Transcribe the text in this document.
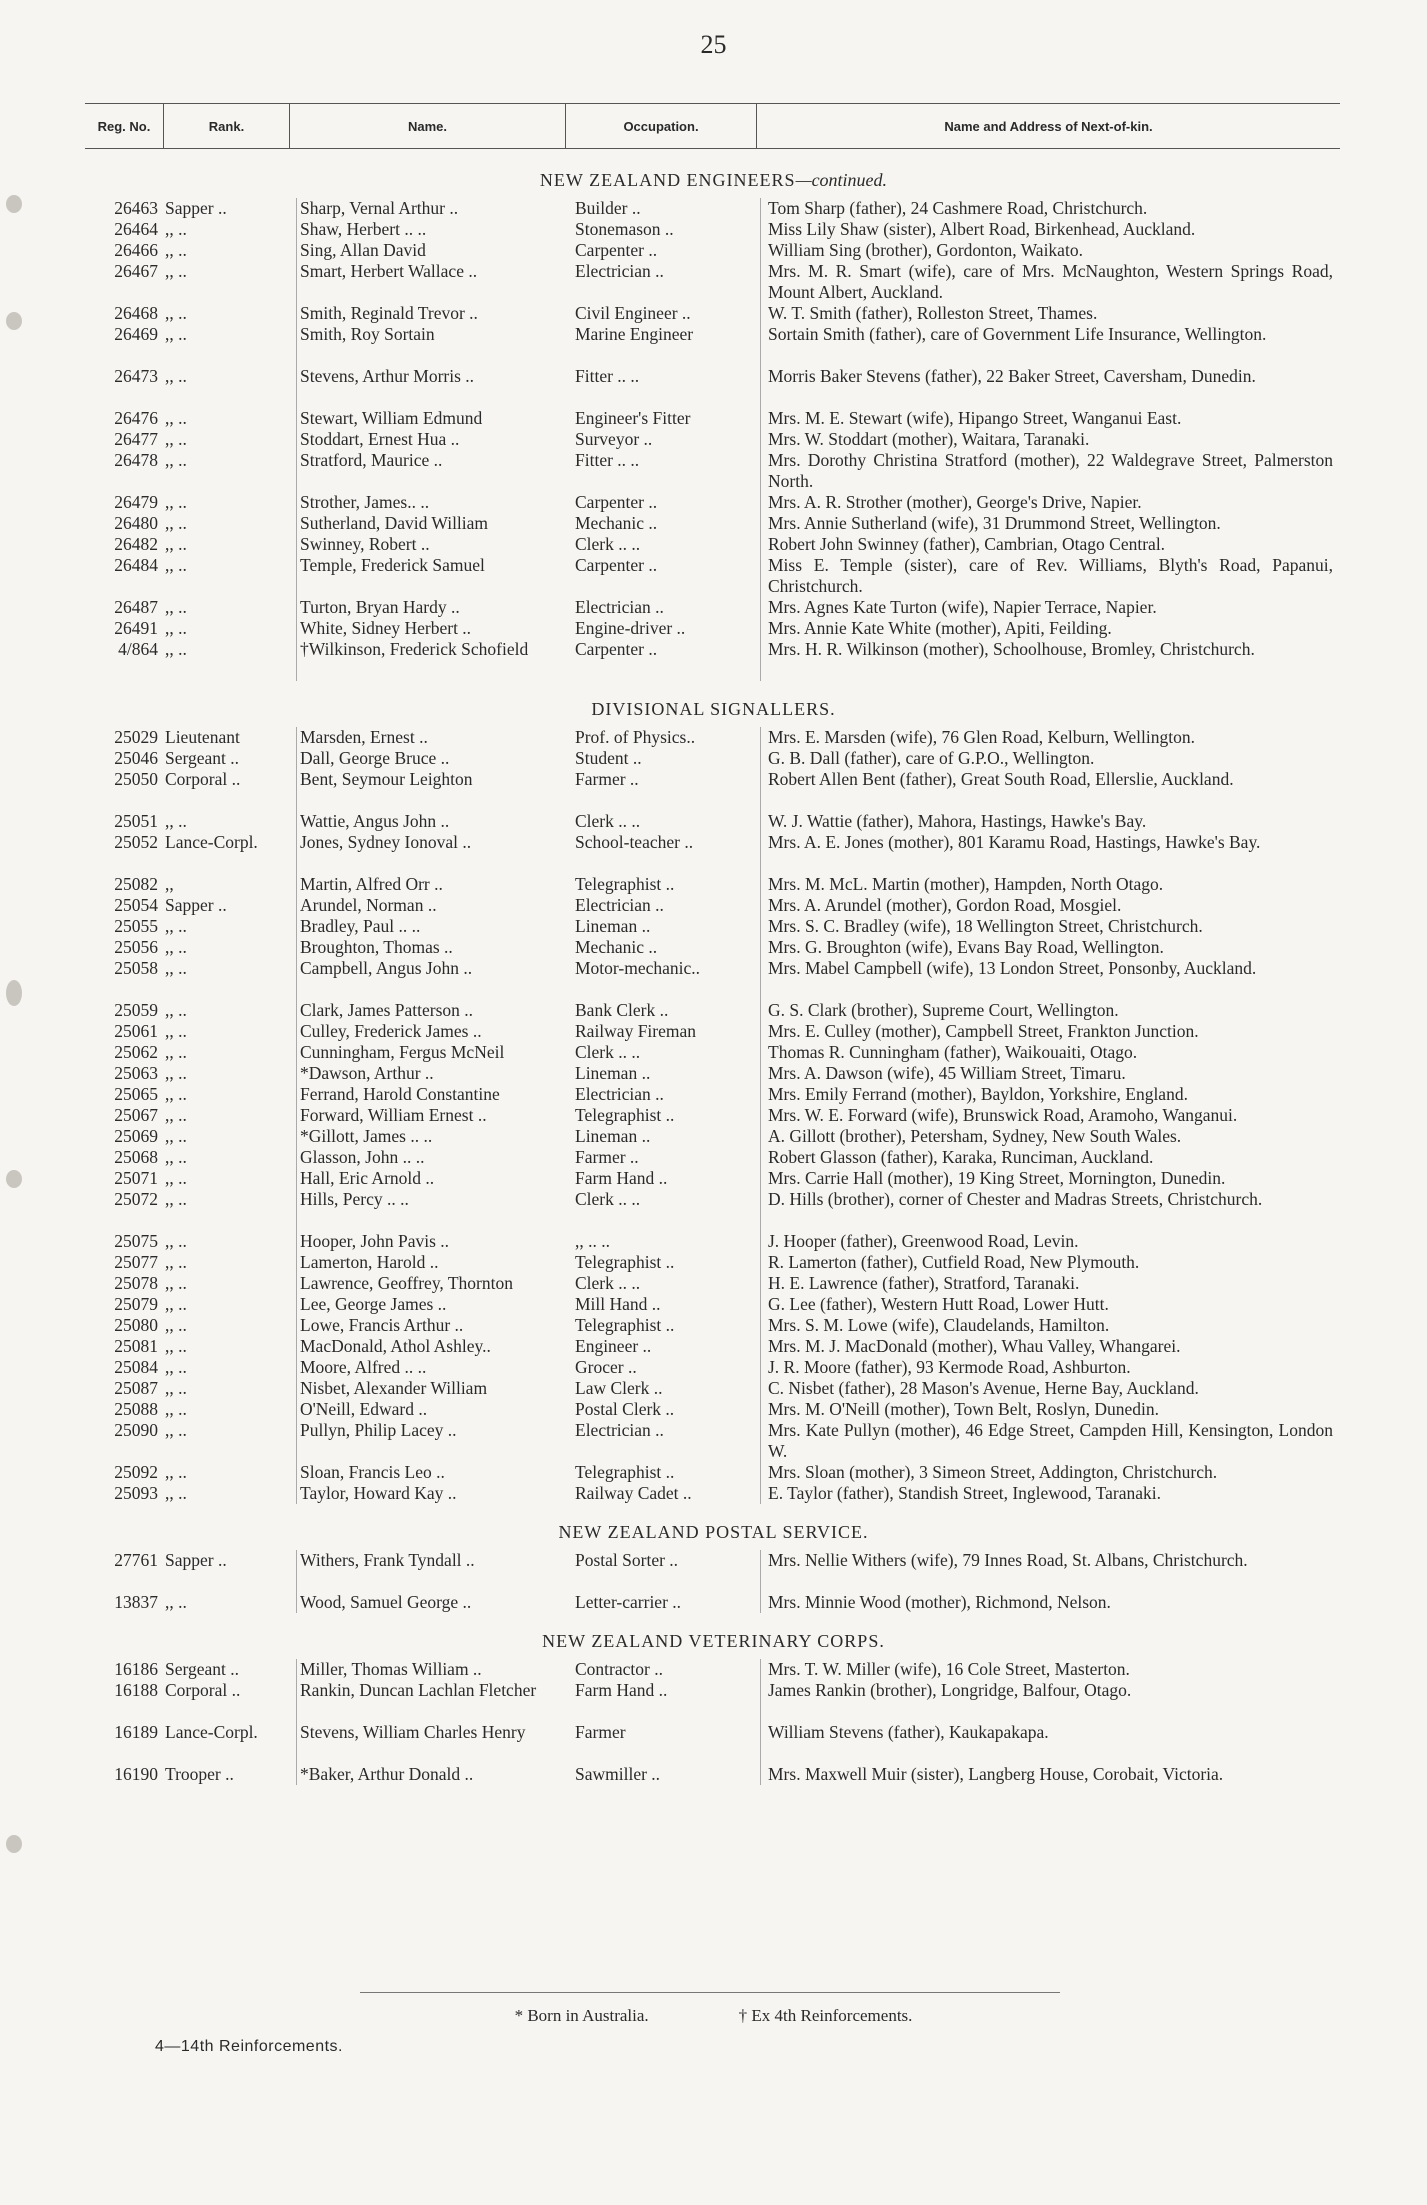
25
Reg. No.	Rank.	Name.	Occupation.	Name and Address of Next-of-kin.
NEW ZEALAND ENGINEERS—continued.
26463 Sapper ..	Sharp, Vernal Arthur ..	Builder ..	Tom Sharp (father), 24 Cashmere Road, Christchurch.
26464 ,, ..	Shaw, Herbert .. ..	Stonemason ..	Miss Lily Shaw (sister), Albert Road, Birkenhead, Auckland.
26466 ,, ..	Sing, Allan David	Carpenter ..	William Sing (brother), Gordonton, Waikato.
26467 ,, ..	Smart, Herbert Wallace ..	Electrician ..	Mrs. M. R. Smart (wife), care of Mrs. McNaughton, Western Springs Road, Mount Albert, Auckland.
26468 ,, ..	Smith, Reginald Trevor ..	Civil Engineer ..	W. T. Smith (father), Rolleston Street, Thames.
26469 ,, ..	Smith, Roy Sortain	Marine Engineer	Sortain Smith (father), care of Government Life Insurance, Wellington.
26473 ,, ..	Stevens, Arthur Morris ..	Fitter .. ..	Morris Baker Stevens (father), 22 Baker Street, Caversham, Dunedin.
26476 ,, ..	Stewart, William Edmund	Engineer's Fitter	Mrs. M. E. Stewart (wife), Hipango Street, Wanganui East.
26477 ,, ..	Stoddart, Ernest Hua ..	Surveyor ..	Mrs. W. Stoddart (mother), Waitara, Taranaki.
26478 ,, ..	Stratford, Maurice ..	Fitter .. ..	Mrs. Dorothy Christina Stratford (mother), 22 Waldegrave Street, Palmerston North.
26479 ,, ..	Strother, James.. ..	Carpenter ..	Mrs. A. R. Strother (mother), George's Drive, Napier.
26480 ,, ..	Sutherland, David William	Mechanic ..	Mrs. Annie Sutherland (wife), 31 Drummond Street, Wellington.
26482 ,, ..	Swinney, Robert ..	Clerk .. ..	Robert John Swinney (father), Cambrian, Otago Central.
26484 ,, ..	Temple, Frederick Samuel	Carpenter ..	Miss E. Temple (sister), care of Rev. Williams, Blyth's Road, Papanui, Christchurch.
26487 ,, ..	Turton, Bryan Hardy ..	Electrician ..	Mrs. Agnes Kate Turton (wife), Napier Terrace, Napier.
26491 ,, ..	White, Sidney Herbert ..	Engine-driver ..	Mrs. Annie Kate White (mother), Apiti, Feilding.
4/864 ,, ..	†Wilkinson, Frederick Schofield	Carpenter ..	Mrs. H. R. Wilkinson (mother), Schoolhouse, Bromley, Christchurch.
DIVISIONAL SIGNALLERS.
25029 Lieutenant	Marsden, Ernest ..	Prof. of Physics..	Mrs. E. Marsden (wife), 76 Glen Road, Kelburn, Wellington.
25046 Sergeant ..	Dall, George Bruce ..	Student ..	G. B. Dall (father), care of G.P.O., Wellington.
25050 Corporal ..	Bent, Seymour Leighton	Farmer ..	Robert Allen Bent (father), Great South Road, Ellerslie, Auckland.
25051 ,, ..	Wattie, Angus John ..	Clerk .. ..	W. J. Wattie (father), Mahora, Hastings, Hawke's Bay.
25052 Lance-Corpl.	Jones, Sydney Ionoval ..	School-teacher ..	Mrs. A. E. Jones (mother), 801 Karamu Road, Hastings, Hawke's Bay.
25082 ,,	Martin, Alfred Orr ..	Telegraphist ..	Mrs. M. McL. Martin (mother), Hampden, North Otago.
25054 Sapper ..	Arundel, Norman ..	Electrician ..	Mrs. A. Arundel (mother), Gordon Road, Mosgiel.
25055 ,, ..	Bradley, Paul .. ..	Lineman ..	Mrs. S. C. Bradley (wife), 18 Wellington Street, Christchurch.
25056 ,, ..	Broughton, Thomas ..	Mechanic ..	Mrs. G. Broughton (wife), Evans Bay Road, Wellington.
25058 ,, ..	Campbell, Angus John ..	Motor-mechanic..	Mrs. Mabel Campbell (wife), 13 London Street, Ponsonby, Auckland.
25059 ,, ..	Clark, James Patterson ..	Bank Clerk ..	G. S. Clark (brother), Supreme Court, Wellington.
25061 ,, ..	Culley, Frederick James ..	Railway Fireman	Mrs. E. Culley (mother), Campbell Street, Frankton Junction.
25062 ,, ..	Cunningham, Fergus McNeil	Clerk .. ..	Thomas R. Cunningham (father), Waikouaiti, Otago.
25063 ,, ..	*Dawson, Arthur ..	Lineman ..	Mrs. A. Dawson (wife), 45 William Street, Timaru.
25065 ,, ..	Ferrand, Harold Constantine	Electrician ..	Mrs. Emily Ferrand (mother), Bayldon, Yorkshire, England.
25067 ,, ..	Forward, William Ernest ..	Telegraphist ..	Mrs. W. E. Forward (wife), Brunswick Road, Aramoho, Wanganui.
25069 ,, ..	*Gillott, James .. ..	Lineman ..	A. Gillott (brother), Petersham, Sydney, New South Wales.
25068 ,, ..	Glasson, John .. ..	Farmer ..	Robert Glasson (father), Karaka, Runciman, Auckland.
25071 ,, ..	Hall, Eric Arnold ..	Farm Hand ..	Mrs. Carrie Hall (mother), 19 King Street, Mornington, Dunedin.
25072 ,, ..	Hills, Percy .. ..	Clerk .. ..	D. Hills (brother), corner of Chester and Madras Streets, Christchurch.
25075 ,, ..	Hooper, John Pavis ..	,, .. ..	J. Hooper (father), Greenwood Road, Levin.
25077 ,, ..	Lamerton, Harold ..	Telegraphist ..	R. Lamerton (father), Cutfield Road, New Plymouth.
25078 ,, ..	Lawrence, Geoffrey, Thornton	Clerk .. ..	H. E. Lawrence (father), Stratford, Taranaki.
25079 ,, ..	Lee, George James ..	Mill Hand ..	G. Lee (father), Western Hutt Road, Lower Hutt.
25080 ,, ..	Lowe, Francis Arthur ..	Telegraphist ..	Mrs. S. M. Lowe (wife), Claudelands, Hamilton.
25081 ,, ..	MacDonald, Athol Ashley..	Engineer ..	Mrs. M. J. MacDonald (mother), Whau Valley, Whangarei.
25084 ,, ..	Moore, Alfred .. ..	Grocer ..	J. R. Moore (father), 93 Kermode Road, Ashburton.
25087 ,, ..	Nisbet, Alexander William	Law Clerk ..	C. Nisbet (father), 28 Mason's Avenue, Herne Bay, Auckland.
25088 ,, ..	O'Neill, Edward ..	Postal Clerk ..	Mrs. M. O'Neill (mother), Town Belt, Roslyn, Dunedin.
25090 ,, ..	Pullyn, Philip Lacey ..	Electrician ..	Mrs. Kate Pullyn (mother), 46 Edge Street, Campden Hill, Kensington, London W.
25092 ,, ..	Sloan, Francis Leo ..	Telegraphist ..	Mrs. Sloan (mother), 3 Simeon Street, Addington, Christchurch.
25093 ,, ..	Taylor, Howard Kay ..	Railway Cadet ..	E. Taylor (father), Standish Street, Inglewood, Taranaki.
NEW ZEALAND POSTAL SERVICE.
27761 Sapper ..	Withers, Frank Tyndall ..	Postal Sorter ..	Mrs. Nellie Withers (wife), 79 Innes Road, St. Albans, Christchurch.
13837 ,, ..	Wood, Samuel George ..	Letter-carrier ..	Mrs. Minnie Wood (mother), Richmond, Nelson.
NEW ZEALAND VETERINARY CORPS.
16186 Sergeant ..	Miller, Thomas William ..	Contractor ..	Mrs. T. W. Miller (wife), 16 Cole Street, Masterton.
16188 Corporal ..	Rankin, Duncan Lachlan Fletcher	Farm Hand ..	James Rankin (brother), Longridge, Balfour, Otago.
16189 Lance-Corpl.	Stevens, William Charles Henry	Farmer	William Stevens (father), Kaukapakapa.
16190 Trooper ..	*Baker, Arthur Donald ..	Sawmiller ..	Mrs. Maxwell Muir (sister), Langberg House, Corobait, Victoria.
* Born in Australia.	† Ex 4th Reinforcements.
4—14th Reinforcements.
